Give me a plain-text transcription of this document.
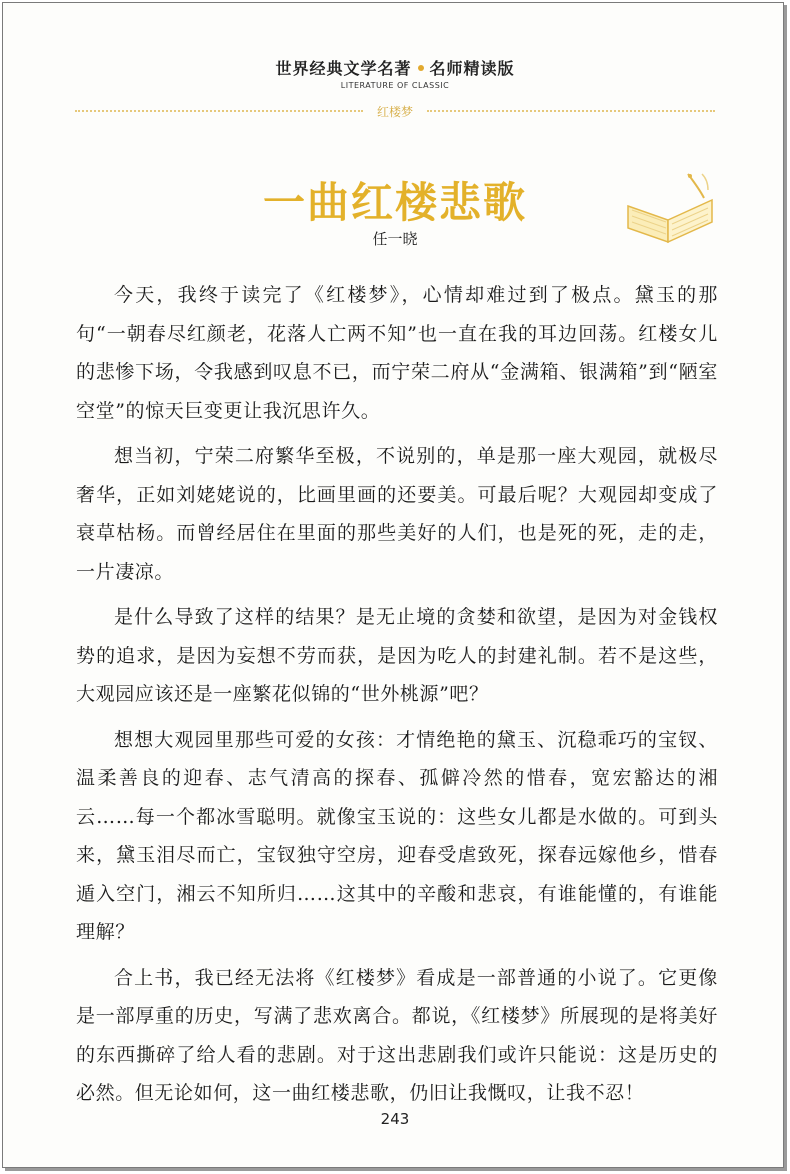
世界经典文学名著 名师精读版
LITERATURE OF CLASSIC
红楼梦
一曲红楼悲歌
任一晓

今天，我终于读完了《红楼梦》，心情却难过到了极点。黛玉的那句“一朝春尽红颜老，花落人亡两不知”也一直在我的耳边回荡。红楼女儿的悲惨下场，令我感到叹息不已，而宁荣二府从“金满箱、银满箱”到“陋室空堂”的惊天巨变更让我沉思许久。

想当初，宁荣二府繁华至极，不说别的，单是那一座大观园，就极尽奢华，正如刘姥姥说的，比画里画的还要美。可最后呢？大观园却变成了衰草枯杨。而曾经居住在里面的那些美好的人们，也是死的死，走的走，一片凄凉。

是什么导致了这样的结果？是无止境的贪婪和欲望，是因为对金钱权势的追求，是因为妄想不劳而获，是因为吃人的封建礼制。若不是这些，大观园应该还是一座繁花似锦的“世外桃源”吧？

想想大观园里那些可爱的女孩：才情绝艳的黛玉、沉稳乖巧的宝钗、温柔善良的迎春、志气清高的探春、孤僻冷然的惜春，宽宏豁达的湘云……每一个都冰雪聪明。就像宝玉说的：这些女儿都是水做的。可到头来，黛玉泪尽而亡，宝钗独守空房，迎春受虐致死，探春远嫁他乡，惜春遁入空门，湘云不知所归……这其中的辛酸和悲哀，有谁能懂的，有谁能理解？

合上书，我已经无法将《红楼梦》看成是一部普通的小说了。它更像是一部厚重的历史，写满了悲欢离合。都说，《红楼梦》所展现的是将美好的东西撕碎了给人看的悲剧。对于这出悲剧我们或许只能说：这是历史的必然。但无论如何，这一曲红楼悲歌，仍旧让我慨叹，让我不忍！

243
